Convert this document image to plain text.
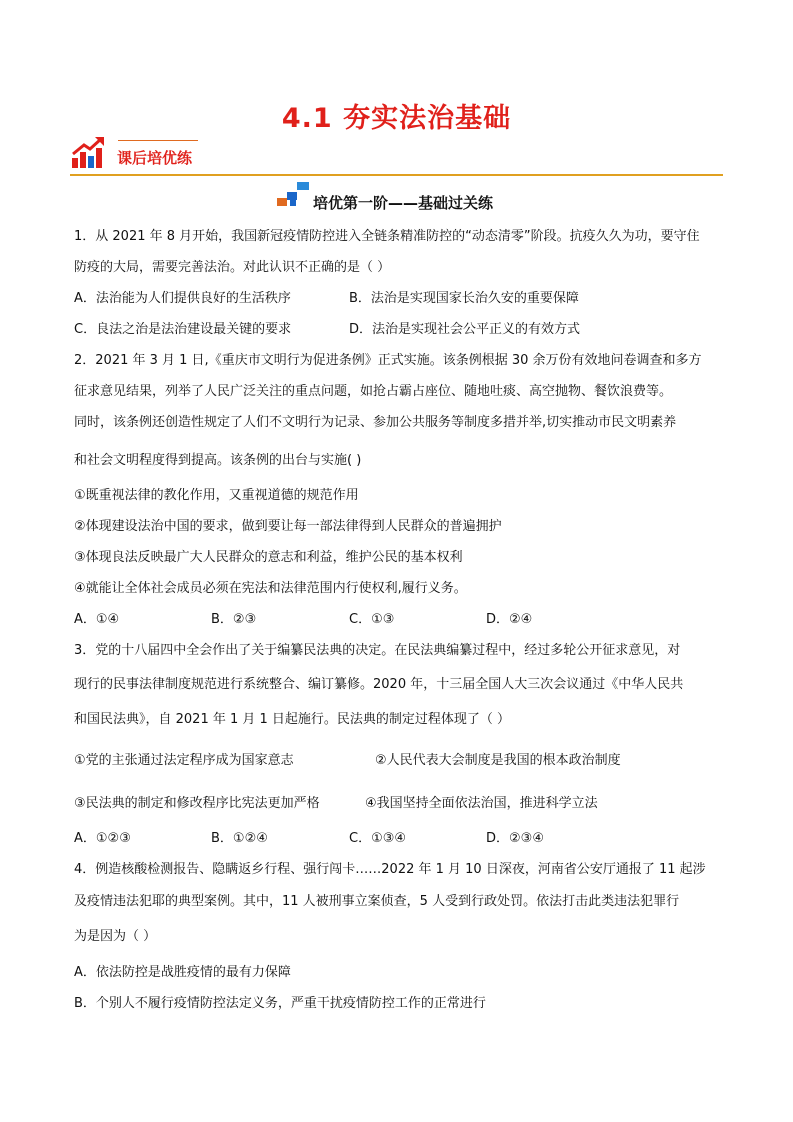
4.1 夯实法治基础
课后培优练
培优第一阶——基础过关练
1．从 2021 年 8 月开始，我国新冠疫情防控进入全链条精准防控的“动态清零”阶段。抗疫久久为功，要守住
防疫的大局，需要完善法治。对此认识不正确的是（ ）
A．法治能为人们提供良好的生活秩序	B．法治是实现国家长治久安的重要保障
C．良法之治是法治建设最关键的要求	D．法治是实现社会公平正义的有效方式
2．2021 年 3 月 1 日,《重庆市文明行为促进条例》正式实施。该条例根据 30 余万份有效地问卷调查和多方
征求意见结果，列举了人民广泛关注的重点问题，如抢占霸占座位、随地吐痰、高空抛物、餐饮浪费等。
同时，该条例还创造性规定了人们不文明行为记录、参加公共服务等制度多措并举,切实推动市民文明素养
和社会文明程度得到提高。该条例的出台与实施( )
①既重视法律的教化作用，又重视道德的规范作用
②体现建设法治中国的要求，做到要让每一部法律得到人民群众的普遍拥护
③体现良法反映最广大人民群众的意志和利益，维护公民的基本权利
④就能让全体社会成员必须在宪法和法律范围内行使权利,履行义务。
A．①④	B．②③	C．①③	D．②④
3．党的十八届四中全会作出了关于编纂民法典的决定。在民法典编纂过程中，经过多轮公开征求意见，对
现行的民事法律制度规范进行系统整合、编订纂修。2020 年，十三届全国人大三次会议通过《中华人民共
和国民法典》，自 2021 年 1 月 1 日起施行。民法典的制定过程体现了（ ）
①党的主张通过法定程序成为国家意志	②人民代表大会制度是我国的根本政治制度
③民法典的制定和修改程序比宪法更加严格	④我国坚持全面依法治国，推进科学立法
A．①②③	B．①②④	C．①③④	D．②③④
4．例造核酸检测报告、隐瞒返乡行程、强行闯卡……2022 年 1 月 10 日深夜，河南省公安厅通报了 11 起涉
及疫情违法犯耶的典型案例。其中，11 人被刑事立案侦查，5 人受到行政处罚。依法打击此类违法犯罪行
为是因为（ ）
A．依法防控是战胜疫情的最有力保障
B．个别人不履行疫情防控法定义务，严重干扰疫情防控工作的正常进行
